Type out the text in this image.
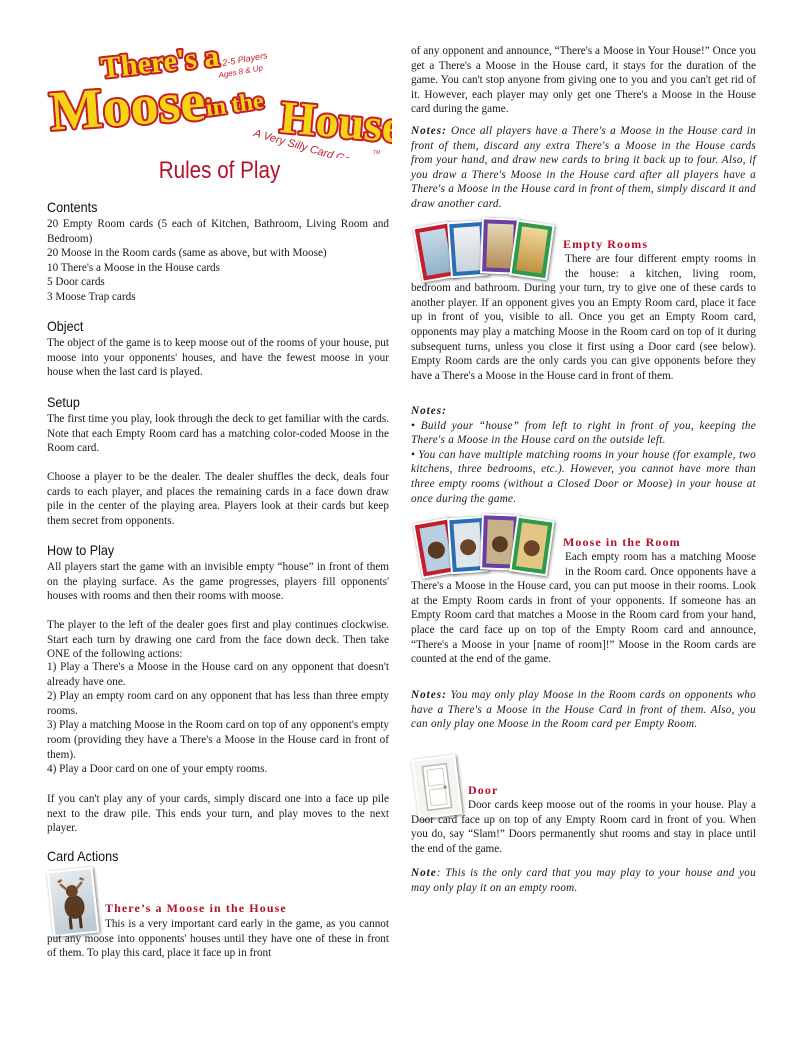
There's a
Moose
in the House
2-5 Players
Ages 8 & Up
A Very Silly Card Game TM
Rules of Play
Contents

20 Empty Room cards (5 each of Kitchen, Bathroom, Living Room and Bedroom)

20 Moose in the Room cards (same as above, but with Moose)

10 There's a Moose in the House cards

5 Door cards

3 Moose Trap cards

Object

The object of the game is to keep moose out of the rooms of your house, put moose into your opponents' houses, and have the fewest moose in your house when the last card is played.

Setup

The first time you play, look through the deck to get familiar with the cards. Note that each Empty Room card has a matching color-coded Moose in the Room card.

Choose a player to be the dealer. The dealer shuffles the deck, deals four cards to each player, and places the remaining cards in a face down draw pile in the center of the playing area. Players look at their cards but keep them secret from opponents.

How to Play

All players start the game with an invisible empty “house” in front of them on the playing surface. As the game progresses, players fill opponents' houses with rooms and then their rooms with moose.

The player to the left of the dealer goes first and play continues clockwise. Start each turn by drawing one card from the face down deck. Then take ONE of the following actions:

1) Play a There's a Moose in the House card on any opponent that doesn't already have one.

2) Play an empty room card on any opponent that has less than three empty rooms.

3) Play a matching Moose in the Room card on top of any opponent's empty room (providing they have a There's a Moose in the House card in front of them).

4) Play a Door card on one of your empty rooms.

If you can't play any of your cards, simply discard one into a face up pile next to the draw pile. This ends your turn, and play moves to the next player.

Card Actions
There’s a Moose in the House

This is a very important card early in the game, as you cannot put any moose into opponents' houses until they have one of these in front of them. To play this card, place it face up in front

of any opponent and announce, “There's a Moose in Your House!” Once you get a There's a Moose in the House card, it stays for the duration of the game. You can't stop anyone from giving one to you and you can't get rid of it. However, each player may only get one There's a Moose in the House card during the game.

Notes: Once all players have a There's a Moose in the House card in front of them, discard any extra There's a Moose in the House cards from your hand, and draw new cards to bring it back up to four. Also, if you draw a There's Moose in the House card after all players have a There's a Moose in the House card in front of them, simply discard it and draw another card.

Empty Rooms

There are four different empty rooms in the house: a kitchen, living room, bedroom and bathroom. During your turn, try to give one of these cards to another player. If an opponent gives you an Empty Room card, place it face up in front of you, visible to all. Once you get an Empty Room card, opponents may play a matching Moose in the Room card on top of it during subsequent turns, unless you close it first using a Door card (see below). Empty Room cards are the only cards you can give opponents before they have a There's a Moose in the House card in front of them.

Notes:

• Build your “house” from left to right in front of you, keeping the There's a Moose in the House card on the outside left.

• You can have multiple matching rooms in your house (for example, two kitchens, three bedrooms, etc.). However, you cannot have more than three empty rooms (without a Closed Door or Moose) in your house at once during the game.

Moose in the Room

Each empty room has a matching Moose in the Room card. Once opponents have a There's a Moose in the House card, you can put moose in their rooms. Look at the Empty Room cards in front of your opponents. If someone has an Empty Room card that matches a Moose in the Room card from your hand, place the card face up on top of the Empty Room card and announce, “There's a Moose in your [name of room]!” Moose in the Room cards are counted at the end of the game.

Notes: You may only play Moose in the Room cards on opponents who have a There's a Moose in the House Card in front of them. Also, you can only play one Moose in the Room card per Empty Room.

Door

Door cards keep moose out of the rooms in your house. Play a Door card face up on top of any Empty Room card in front of you. When you do, say “Slam!” Doors permanently shut rooms and stay in place until the end of the game.

Note: This is the only card that you may play to your house and you may only play it on an empty room.
